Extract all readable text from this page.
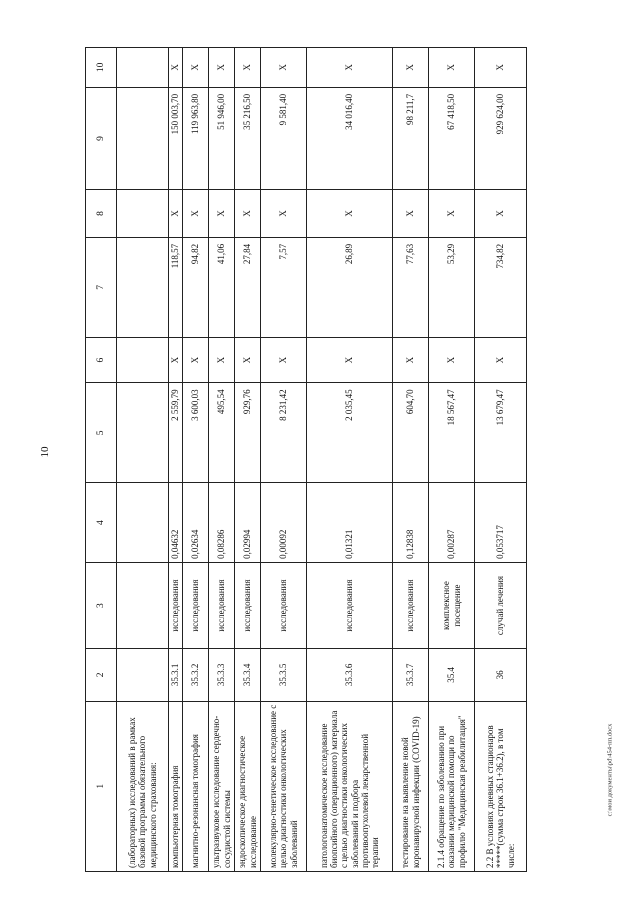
10
c:\мои документы\pd\454-пп.docx
1	2	3	4	5	6	7	8	9	10
(лабораторных) исследований в рамках базовой программы обязательного медицинского страхования:									
компьютерная томография	35.3.1	исследования	0,04632	2 559,79	X	118,57	X	150 003,70	X
магнитно-резонансная томография	35.3.2	исследования	0,02634	3 600,03	X	94,82	X	119 963,80	X
ультразвуковое исследование сердечно-сосудистой системы	35.3.3	исследования	0,08286	495,54	X	41,06	X	51 946,00	X
эндоскопическое диагностическое исследование	35.3.4	исследования	0,02994	929,76	X	27,84	X	35 216,50	X
молекулярно-генетическое исследование с целью диагностики онкологических заболеваний	35.3.5	исследования	0,00092	8 231,42	X	7,57	X	9 581,40	X
патологоанатомическое исследование биопсийного (операционного) материала с целью диагностики онкологических заболеваний и подбора противоопухолевой лекарственной терапии	35.3.6	исследования	0,01321	2 035,45	X	26,89	X	34 016,40	X
тестирование на выявление новой коронавирусной инфекции (COVID-19)	35.3.7	исследования	0,12838	604,70	X	77,63	X	98 211,7	X
2.1.4 обращение по заболеванию при оказании медицинской помощи по профилю "Медицинская реабилитация"	35.4	комплексное посещение	0,00287	18 567,47	X	53,29	X	67 418,50	X
2.2 В условиях дневных стационаров *****(сумма строк 36.1+36.2), в том числе:	36	случай лечения	0,053717	13 679,47	X	734,82	X	929 624,00	X
